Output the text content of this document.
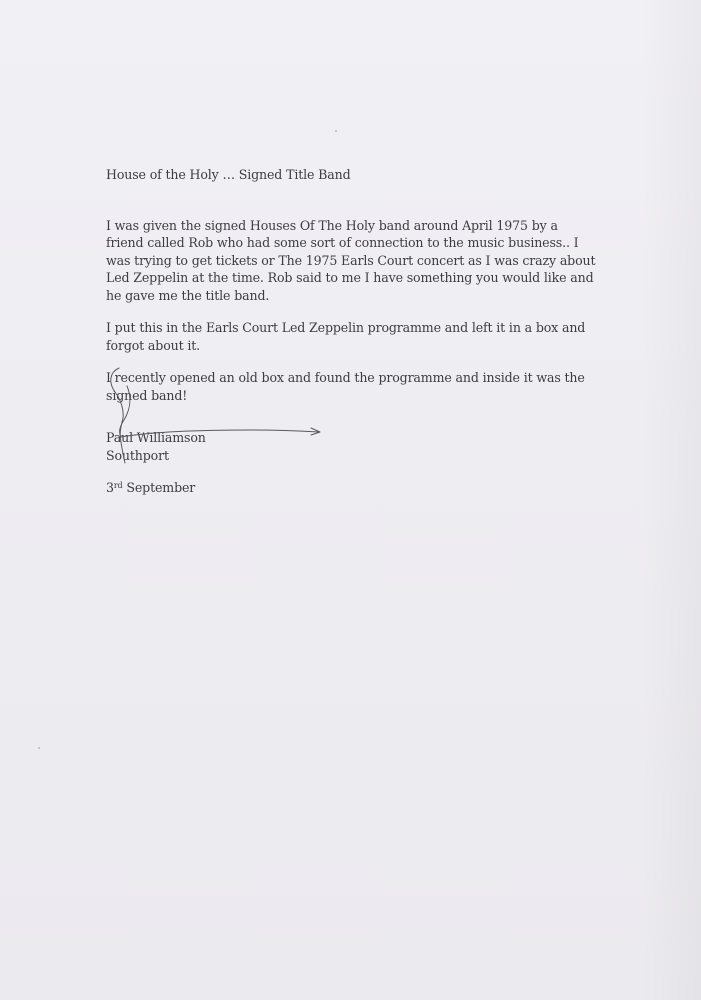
House of the Holy … Signed Title Band

I was given the signed Houses Of The Holy band around April 1975 by a friend called Rob who had some sort of connection to the music business.. I was trying to get tickets or The 1975 Earls Court concert as I was crazy about Led Zeppelin at the time. Rob said to me I have something you would like and he gave me the title band.

I put this in the Earls Court Led Zeppelin programme and left it in a box and forgot about it.

I recently opened an old box and found the programme and inside it was the signed band!

Paul Williamson

Southport

3rd September
